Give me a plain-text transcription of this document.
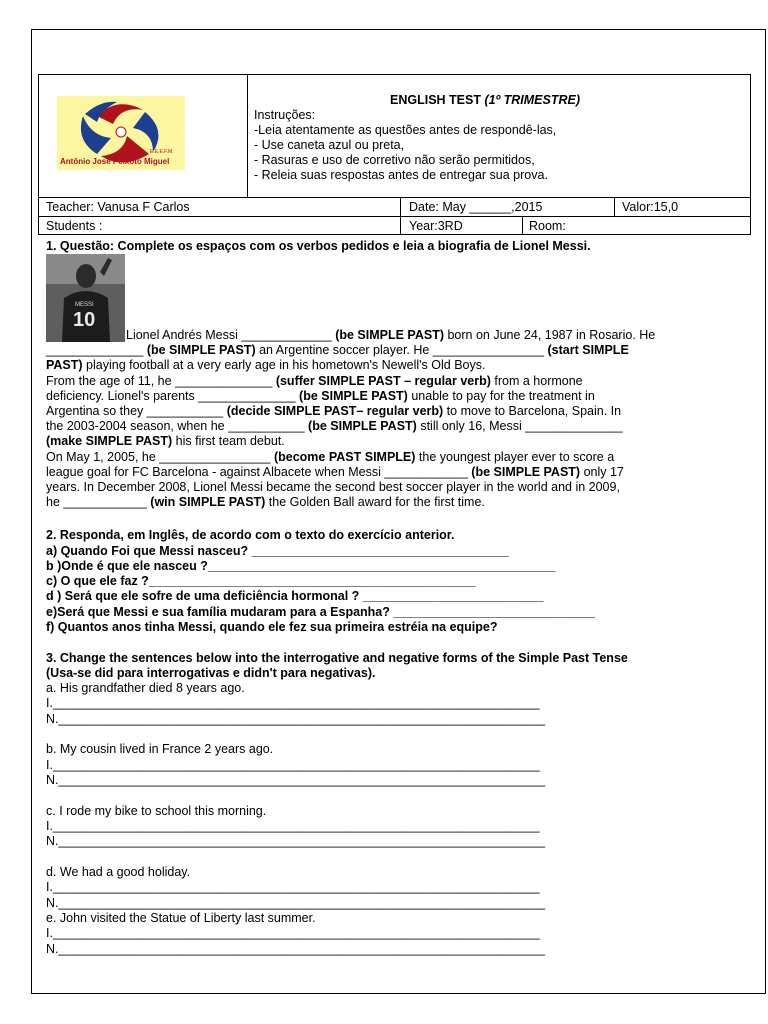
E.E.E.F.M.
Antônio José Peixoto Miguel
ENGLISH TEST (1º TRIMESTRE)
Instruções:
-Leia atentamente as questões antes de respondê-las,
- Use caneta azul ou preta,
- Rasuras e uso de corretivo não serão permitidos,
- Releia suas respostas antes de entregar sua prova.
Teacher: Vanusa F Carlos	Date: May ______,2015	Valor:15,0
Students :	Year:3RD	Room:
1. Questão: Complete os espaços com os verbos pedidos e leia a biografia de Lionel Messi.
MESSI
10
Lionel Andrés Messi _____________ (be SIMPLE PAST) born on June 24, 1987 in Rosario. He
______________ (be SIMPLE PAST) an Argentine soccer player. He ________________ (start SIMPLE
PAST) playing football at a very early age in his hometown's Newell's Old Boys.
From the age of 11, he ______________ (suffer SIMPLE PAST – regular verb) from a hormone
deficiency. Lionel's parents ______________ (be SIMPLE PAST) unable to pay for the treatment in
Argentina so they ___________ (decide SIMPLE PAST– regular verb) to move to Barcelona, Spain. In
the 2003-2004 season, when he ___________ (be SIMPLE PAST) still only 16, Messi ______________
(make SIMPLE PAST) his first team debut.
On May 1, 2005, he ________________ (become PAST SIMPLE) the youngest player ever to score a
league goal for FC Barcelona - against Albacete when Messi ____________ (be SIMPLE PAST) only 17
years. In December 2008, Lionel Messi became the second best soccer player in the world and in 2009,
he ____________ (win SIMPLE PAST) the Golden Ball award for the first time.
2. Responda, em Inglês, de acordo com o texto do exercício anterior.
a) Quando Foi que Messi nasceu? _____________________________________
b )Onde é que ele nasceu ?__________________________________________________
c) O que ele faz ?_______________________________________________
d ) Será que ele sofre de uma deficiência hormonal ? __________________________
e)Será que Messi e sua família mudaram para a Espanha? _____________________________
f) Quantos anos tinha Messi, quando ele fez sua primeira estréia na equipe?
3. Change the sentences below into the interrogative and negative forms of the Simple Past Tense
(Usa-se did para interrogativas e didn't para negativas).
a. His grandfather died 8 years ago.
I.______________________________________________________________________
N.______________________________________________________________________
b. My cousin lived in France 2 years ago.
I.______________________________________________________________________
N.______________________________________________________________________
c. I rode my bike to school this morning.
I.______________________________________________________________________
N.______________________________________________________________________
d. We had a good holiday.
I.______________________________________________________________________
N.______________________________________________________________________
e. John visited the Statue of Liberty last summer.
I.______________________________________________________________________
N.______________________________________________________________________
